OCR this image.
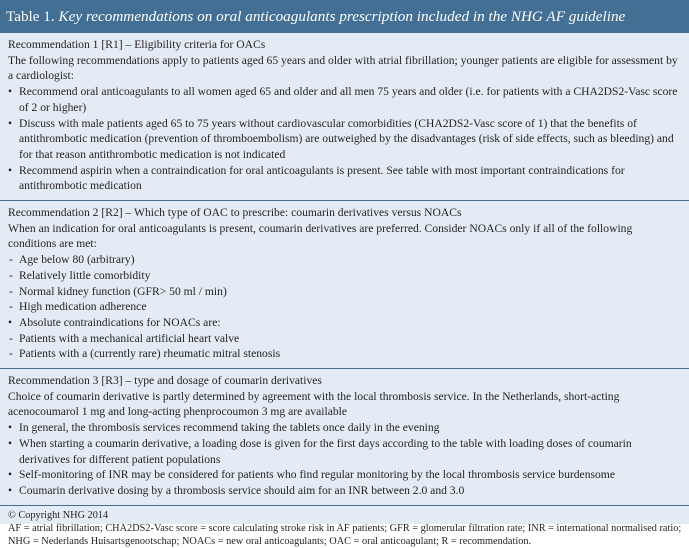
Table 1. Key recommendations on oral anticoagulants prescription included in the NHG AF guideline

Recommendation 1 [R1] – Eligibility criteria for OACs

The following recommendations apply to patients aged 65 years and older with atrial fibrillation; younger patients are eligible for assessment by a cardiologist:

• Recommend oral anticoagulants to all women aged 65 and older and all men 75 years and older (i.e. for patients with a CHA2DS2-Vasc score of 2 or higher)
• Discuss with male patients aged 65 to 75 years without cardiovascular comorbidities (CHA2DS2-Vasc score of 1) that the benefits of antithrombotic medication (prevention of thromboembolism) are outweighed by the disadvantages (risk of side effects, such as bleeding) and for that reason antithrombotic medication is not indicated
• Recommend aspirin when a contraindication for oral anticoagulants is present. See table with most important contraindications for antithrombotic medication

Recommendation 2 [R2] – Which type of OAC to prescribe: coumarin derivatives versus NOACs

When an indication for oral anticoagulants is present, coumarin derivatives are preferred. Consider NOACs only if all of the following conditions are met:

- Age below 80 (arbitrary)
- Relatively little comorbidity
- Normal kidney function (GFR> 50 ml / min)
- High medication adherence
• Absolute contraindications for NOACs are:
- Patients with a mechanical artificial heart valve
- Patients with a (currently rare) rheumatic mitral stenosis

Recommendation 3 [R3] – type and dosage of coumarin derivatives

Choice of coumarin derivative is partly determined by agreement with the local thrombosis service. In the Netherlands, short-acting acenocoumarol 1 mg and long-acting phenprocoumon 3 mg are available

• In general, the thrombosis services recommend taking the tablets once daily in the evening
• When starting a coumarin derivative, a loading dose is given for the first days according to the table with loading doses of coumarin derivatives for different patient populations
• Self-monitoring of INR may be considered for patients who find regular monitoring by the local thrombosis service burdensome
• Coumarin derivative dosing by a thrombosis service should aim for an INR between 2.0 and 3.0

© Copyright NHG 2014

AF = atrial fibrillation; CHA2DS2-Vasc score = score calculating stroke risk in AF patients; GFR = glomerular filtration rate; INR = international normalised ratio; NHG = Nederlands Huisartsgenootschap; NOACs = new oral anticoagulants; OAC = oral anticoagulant; R = recommendation.
